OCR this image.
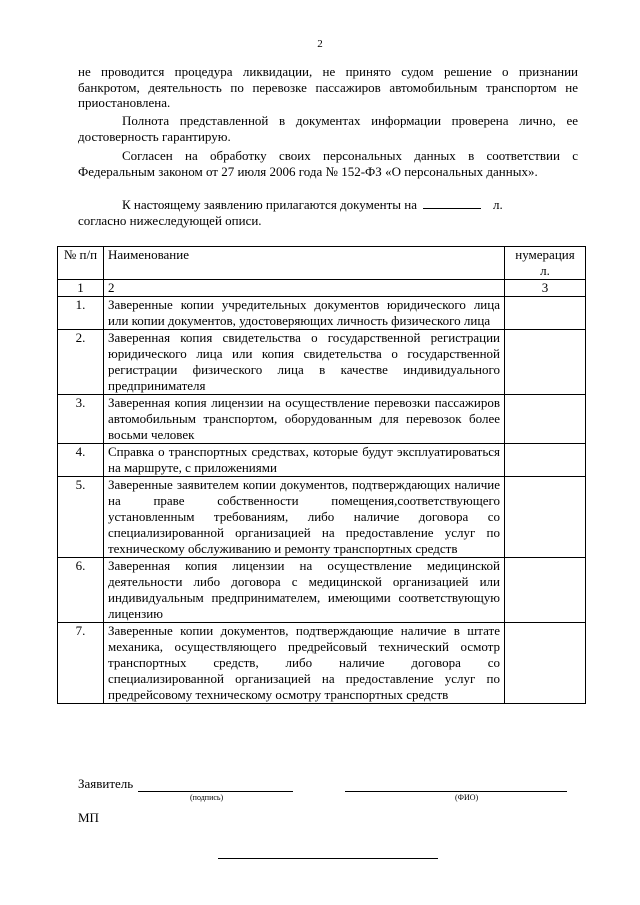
2

не проводится процедура ликвидации, не принято судом решение о признании банкротом, деятельность по перевозке пассажиров автомобильным транспортом не приостановлена.

Полнота представленной в документах информации проверена лично, ее достоверность гарантирую.

Согласен на обработку своих персональных данных в соответствии с Федеральным законом от 27 июля 2006 года № 152-ФЗ «О персональных данных».

К настоящему заявлению прилагаются документы на	л.
согласно нижеследующей описи.

№ п/п	Наименование	нумерация л.
1	2	3
1.	Заверенные копии учредительных документов юридического лица или копии документов, удостоверяющих личность физического лица	
2.	Заверенная копия свидетельства о государственной регистрации юридического лица или копия свидетельства о государственной регистрации физического лица в качестве индивидуального предпринимателя	
3.	Заверенная копия лицензии на осуществление перевозки пассажиров автомобильным транспортом, оборудованным для перевозок более восьми человек	
4.	Справка о транспортных средствах, которые будут эксплуатироваться на маршруте, с приложениями	
5.	Заверенные заявителем копии документов, подтверждающих наличие на праве собственности помещения,соответствующего установленным требованиям, либо наличие договора со специализированной организацией на предоставление услуг по техническому обслуживанию и ремонту транспортных средств	
6.	Заверенная копия лицензии на осуществление медицинской деятельности либо договора с медицинской организацией или индивидуальным предпринимателем, имеющими соответствующую лицензию	
7.	Заверенные копии документов, подтверждающие наличие в штате механика, осуществляющего предрейсовый технический осмотр транспортных средств, либо наличие договора со специализированной организацией на предоставление услуг по предрейсовому техническому осмотру транспортных средств	
Заявитель
(подпись)	(ФИО)
МП
